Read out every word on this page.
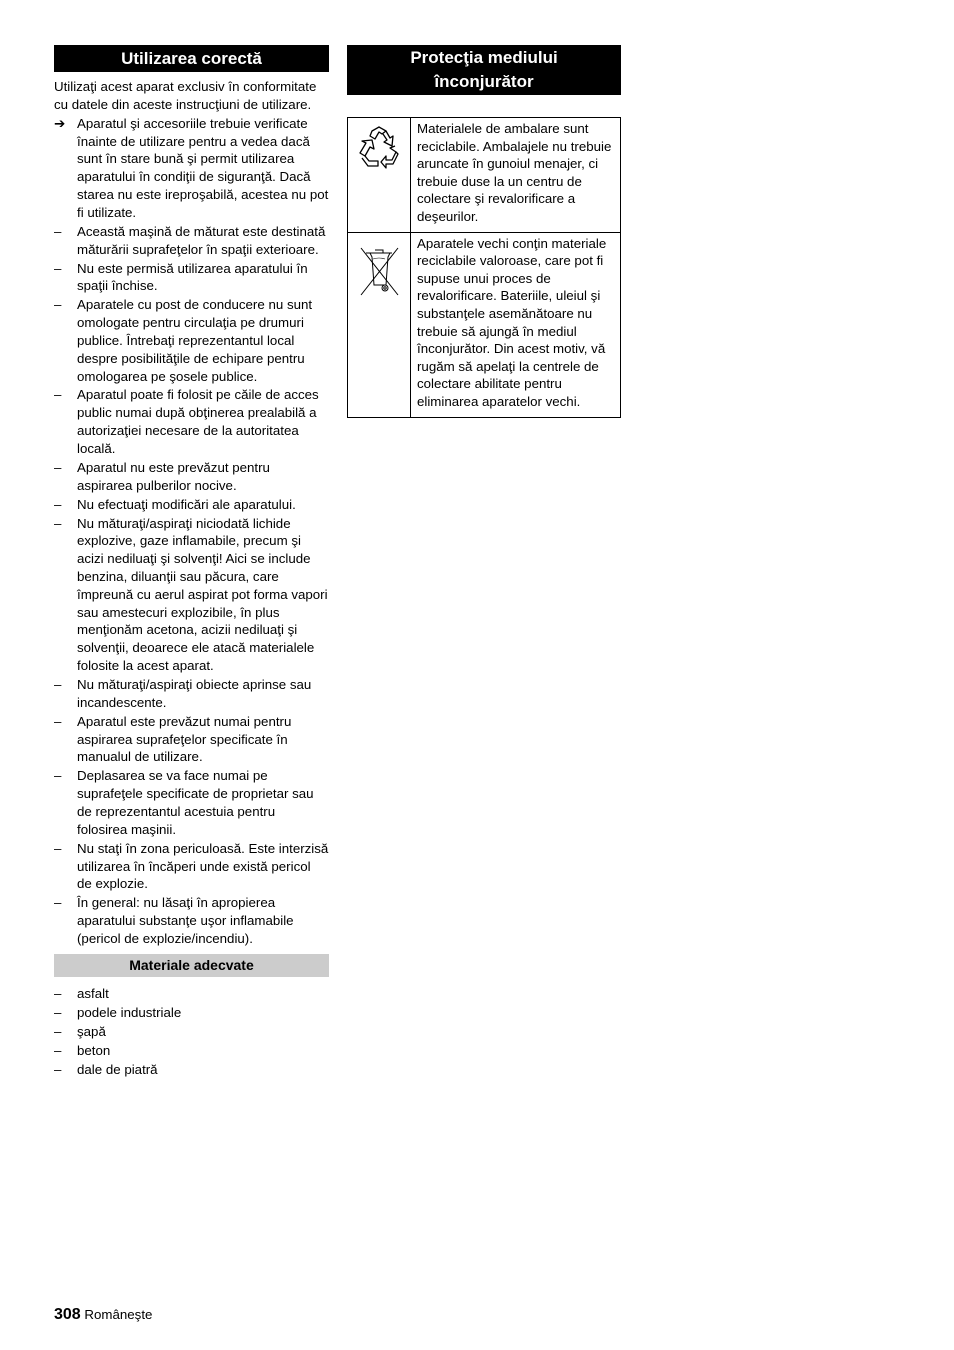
Utilizarea corectă
Utilizaţi acest aparat exclusiv în conformitate cu datele din aceste instrucţiuni de utilizare.
➔ Aparatul şi accesoriile trebuie verificate înainte de utilizare pentru a vedea dacă sunt în stare bună şi permit utilizarea aparatului în condiţii de siguranţă. Dacă starea nu este ireproşabilă, acestea nu pot fi utilizate.
– Această maşină de măturat este destinată măturării suprafeţelor în spaţii exterioare.
– Nu este permisă utilizarea aparatului în spaţii închise.
– Aparatele cu post de conducere nu sunt omologate pentru circulaţia pe drumuri publice. Întrebaţi reprezentantul local despre posibilităţile de echipare pentru omologarea pe şosele publice.
– Aparatul poate fi folosit pe căile de acces public numai după obţinerea prealabilă a autorizaţiei necesare de la autoritatea locală.
– Aparatul nu este prevăzut pentru aspirarea pulberilor nocive.
– Nu efectuaţi modificări ale aparatului.
– Nu măturaţi/aspiraţi niciodată lichide explozive, gaze inflamabile, precum şi acizi nediluaţi şi solvenţi! Aici se include benzina, diluanţii sau păcura, care împreună cu aerul aspirat pot forma vapori sau amestecuri explozibile, în plus menţionăm acetona, acizii nediluaţi şi solvenţii, deoarece ele atacă materialele folosite la acest aparat.
– Nu măturaţi/aspiraţi obiecte aprinse sau incandescente.
– Aparatul este prevăzut numai pentru aspirarea suprafeţelor specificate în manualul de utilizare.
– Deplasarea se va face numai pe suprafeţele specificate de proprietar sau de reprezentantul acestuia pentru folosirea maşinii.
– Nu staţi în zona periculoasă. Este interzisă utilizarea în încăperi unde există pericol de explozie.
– În general: nu lăsaţi în apropierea aparatului substanţe uşor inflamabile (pericol de explozie/incendiu).
Materiale adecvate
– asfalt
– podele industriale
– şapă
– beton
– dale de piatră
Protecţia mediului
înconjurător
	Materialele de ambalare sunt reciclabile. Ambalajele nu trebuie aruncate în gunoiul menajer, ci trebuie duse la un centru de colectare şi revalorificare a deşeurilor.
	Aparatele vechi conţin materiale reciclabile valoroase, care pot fi supuse unui proces de revalorificare. Bateriile, uleiul şi substanţele asemănătoare nu trebuie să ajungă în mediul înconjurător. Din acest motiv, vă rugăm să apelaţi la centrele de colectare abilitate pentru eliminarea aparatelor vechi.
308 Româneşte
